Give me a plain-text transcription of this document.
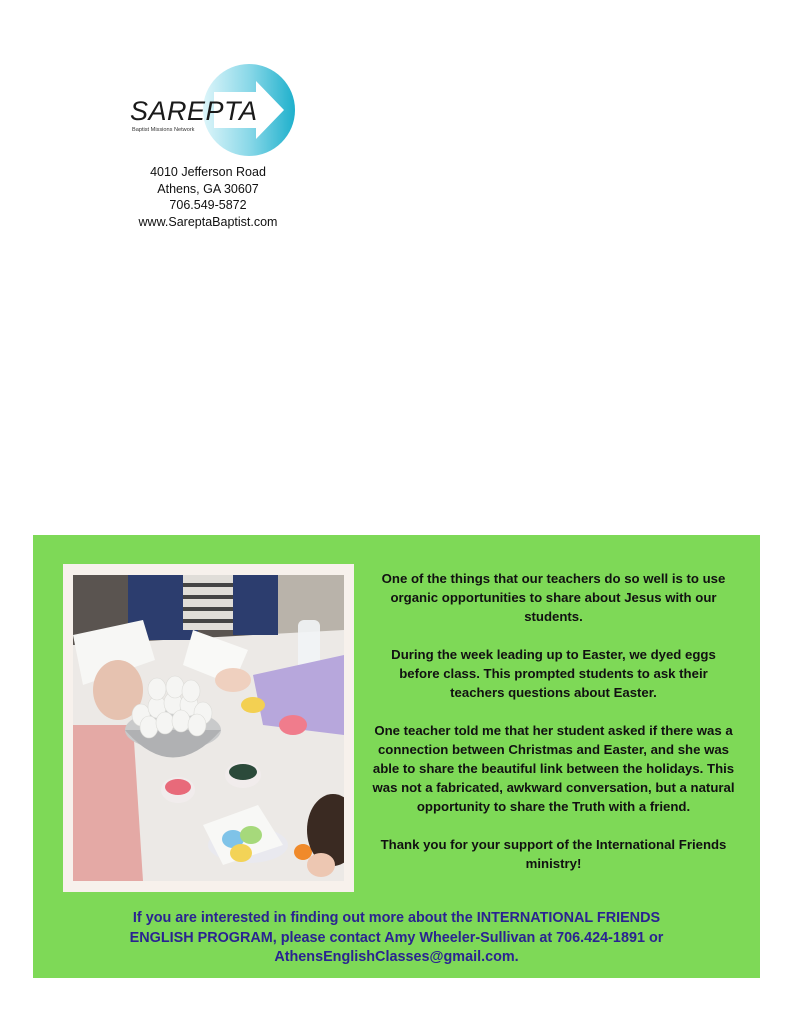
SAREPTA
Baptist Missions Network
4010 Jefferson Road
Athens, GA 30607
706.549-5872
www.SareptaBaptist.com

One of the things that our teachers do so well is to use organic opportunities to share about Jesus with our students.

During the week leading up to Easter, we dyed eggs before class. This prompted students to ask their teachers questions about Easter.

One teacher told me that her student asked if there was a connection between Christmas and Easter, and she was able to share the beautiful link between the holidays. This was not a fabricated, awkward conversation, but a natural opportunity to share the Truth with a friend.

Thank you for your support of the International Friends ministry!

If you are interested in finding out more about the INTERNATIONAL FRIENDS
ENGLISH PROGRAM, please contact Amy Wheeler-Sullivan at 706.424-1891 or
AthensEnglishClasses@gmail.com.
